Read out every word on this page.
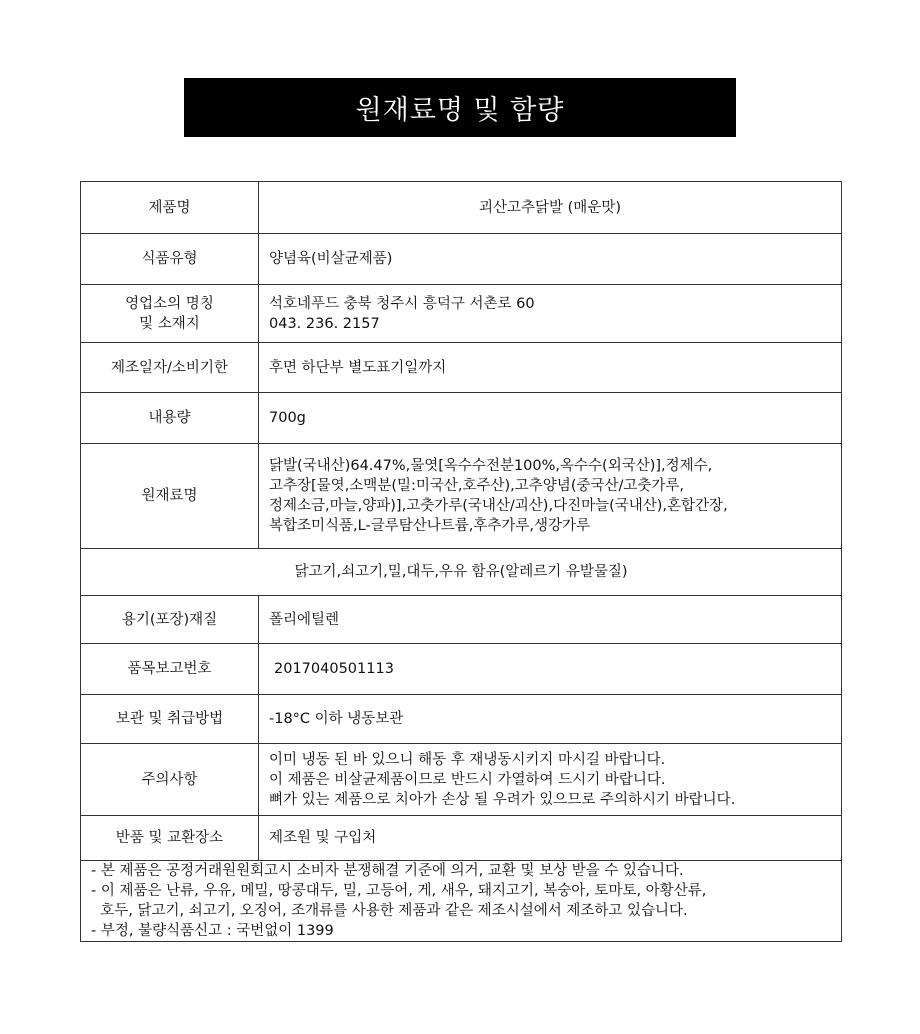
원재료명 및 함량
제품명	괴산고추닭발 (매운맛)
식품유형	양념육(비살균제품)

영업소의 명칭
및 소재지	석호네푸드 충북 청주시 흥덕구 서촌로 60
043. 236. 2157

제조일자/소비기한	후면 하단부 별도표기일까지
내용량	700g
원재료명	닭발(국내산)64.47%,물엿[옥수수전분100%,옥수수(외국산)],정제수,
고추장[물엿,소맥분(밀:미국산,호주산),고추양념(중국산/고춧가루,
정제소금,마늘,양파)],고춧가루(국내산/괴산),다진마늘(국내산),혼합간장,
복합조미식품,L-글루탐산나트륨,후추가루,생강가루

닭고기,쇠고기,밀,대두,우유 함유(알레르기 유발물질)	
용기(포장)재질	폴리에틸렌
품목보고번호	2017040501113
보관 및 취급방법	-18°C 이하 냉동보관
주의사항	이미 냉동 된 바 있으니 해동 후 재냉동시키지 마시길 바랍니다.
이 제품은 비살균제품이므로 반드시 가열하여 드시기 바랍니다.
뼈가 있는 제품으로 치아가 손상 될 우려가 있으므로 주의하시기 바랍니다.

반품 및 교환장소	제조원 및 구입처

- 본 제품은 공정거래원원회고시 소비자 분쟁해결 기준에 의거, 교환 및 보상 받을 수 있습니다.
- 이 제품은 난류, 우유, 메밀, 땅콩대두, 밀, 고등어, 게, 새우, 돼지고기, 복숭아, 토마토, 아황산류,
호두, 닭고기, 쇠고기, 오징어, 조개류를 사용한 제품과 같은 제조시설에서 제조하고 있습니다.
- 부정, 불량식품신고 : 국번없이 1399	
